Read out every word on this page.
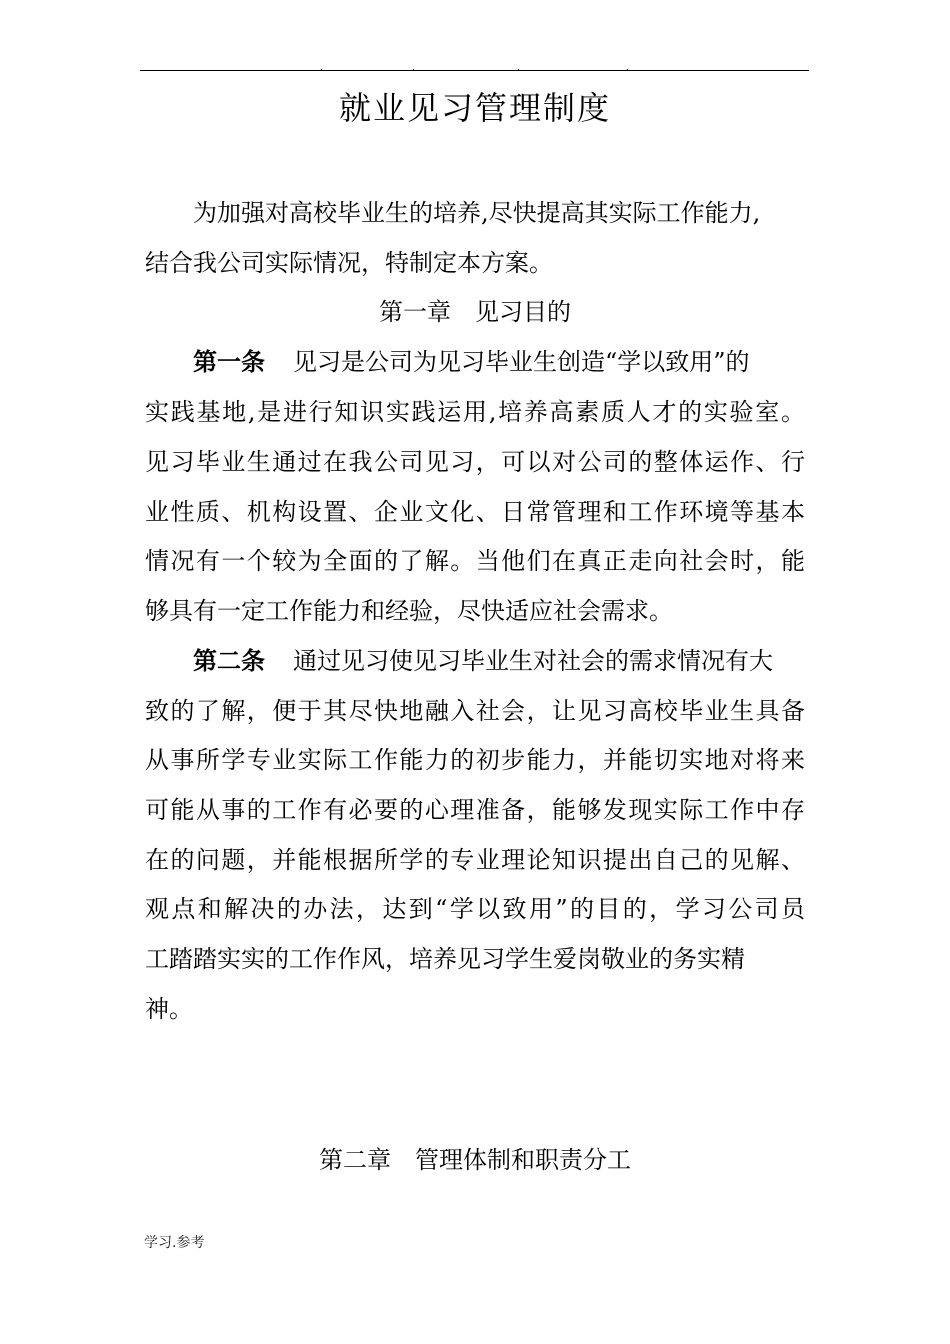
.	.	.	.
就业见习管理制度
为加强对高校毕业生的培养,尽快提高其实际工作能力,
结合我公司实际情况，特制定本方案。
第一章　见习目的
第一条 见习是公司为见习毕业生创造“学以致用”的
实践基地,是进行知识实践运用,培养高素质人才的实验室。
见习毕业生通过在我公司见习，可以对公司的整体运作、行
业性质、机构设置、企业文化、日常管理和工作环境等基本
情况有一个较为全面的了解。当他们在真正走向社会时，能
够具有一定工作能力和经验，尽快适应社会需求。
第二条 通过见习使见习毕业生对社会的需求情况有大
致的了解，便于其尽快地融入社会，让见习高校毕业生具备
从事所学专业实际工作能力的初步能力，并能切实地对将来
可能从事的工作有必要的心理准备，能够发现实际工作中存
在的问题，并能根据所学的专业理论知识提出自己的见解、
观点和解决的办法，达到“学以致用”的目的，学习公司员
工踏踏实实的工作作风，培养见习学生爱岗敬业的务实精
神。
第二章　管理体制和职责分工
学习.参考
